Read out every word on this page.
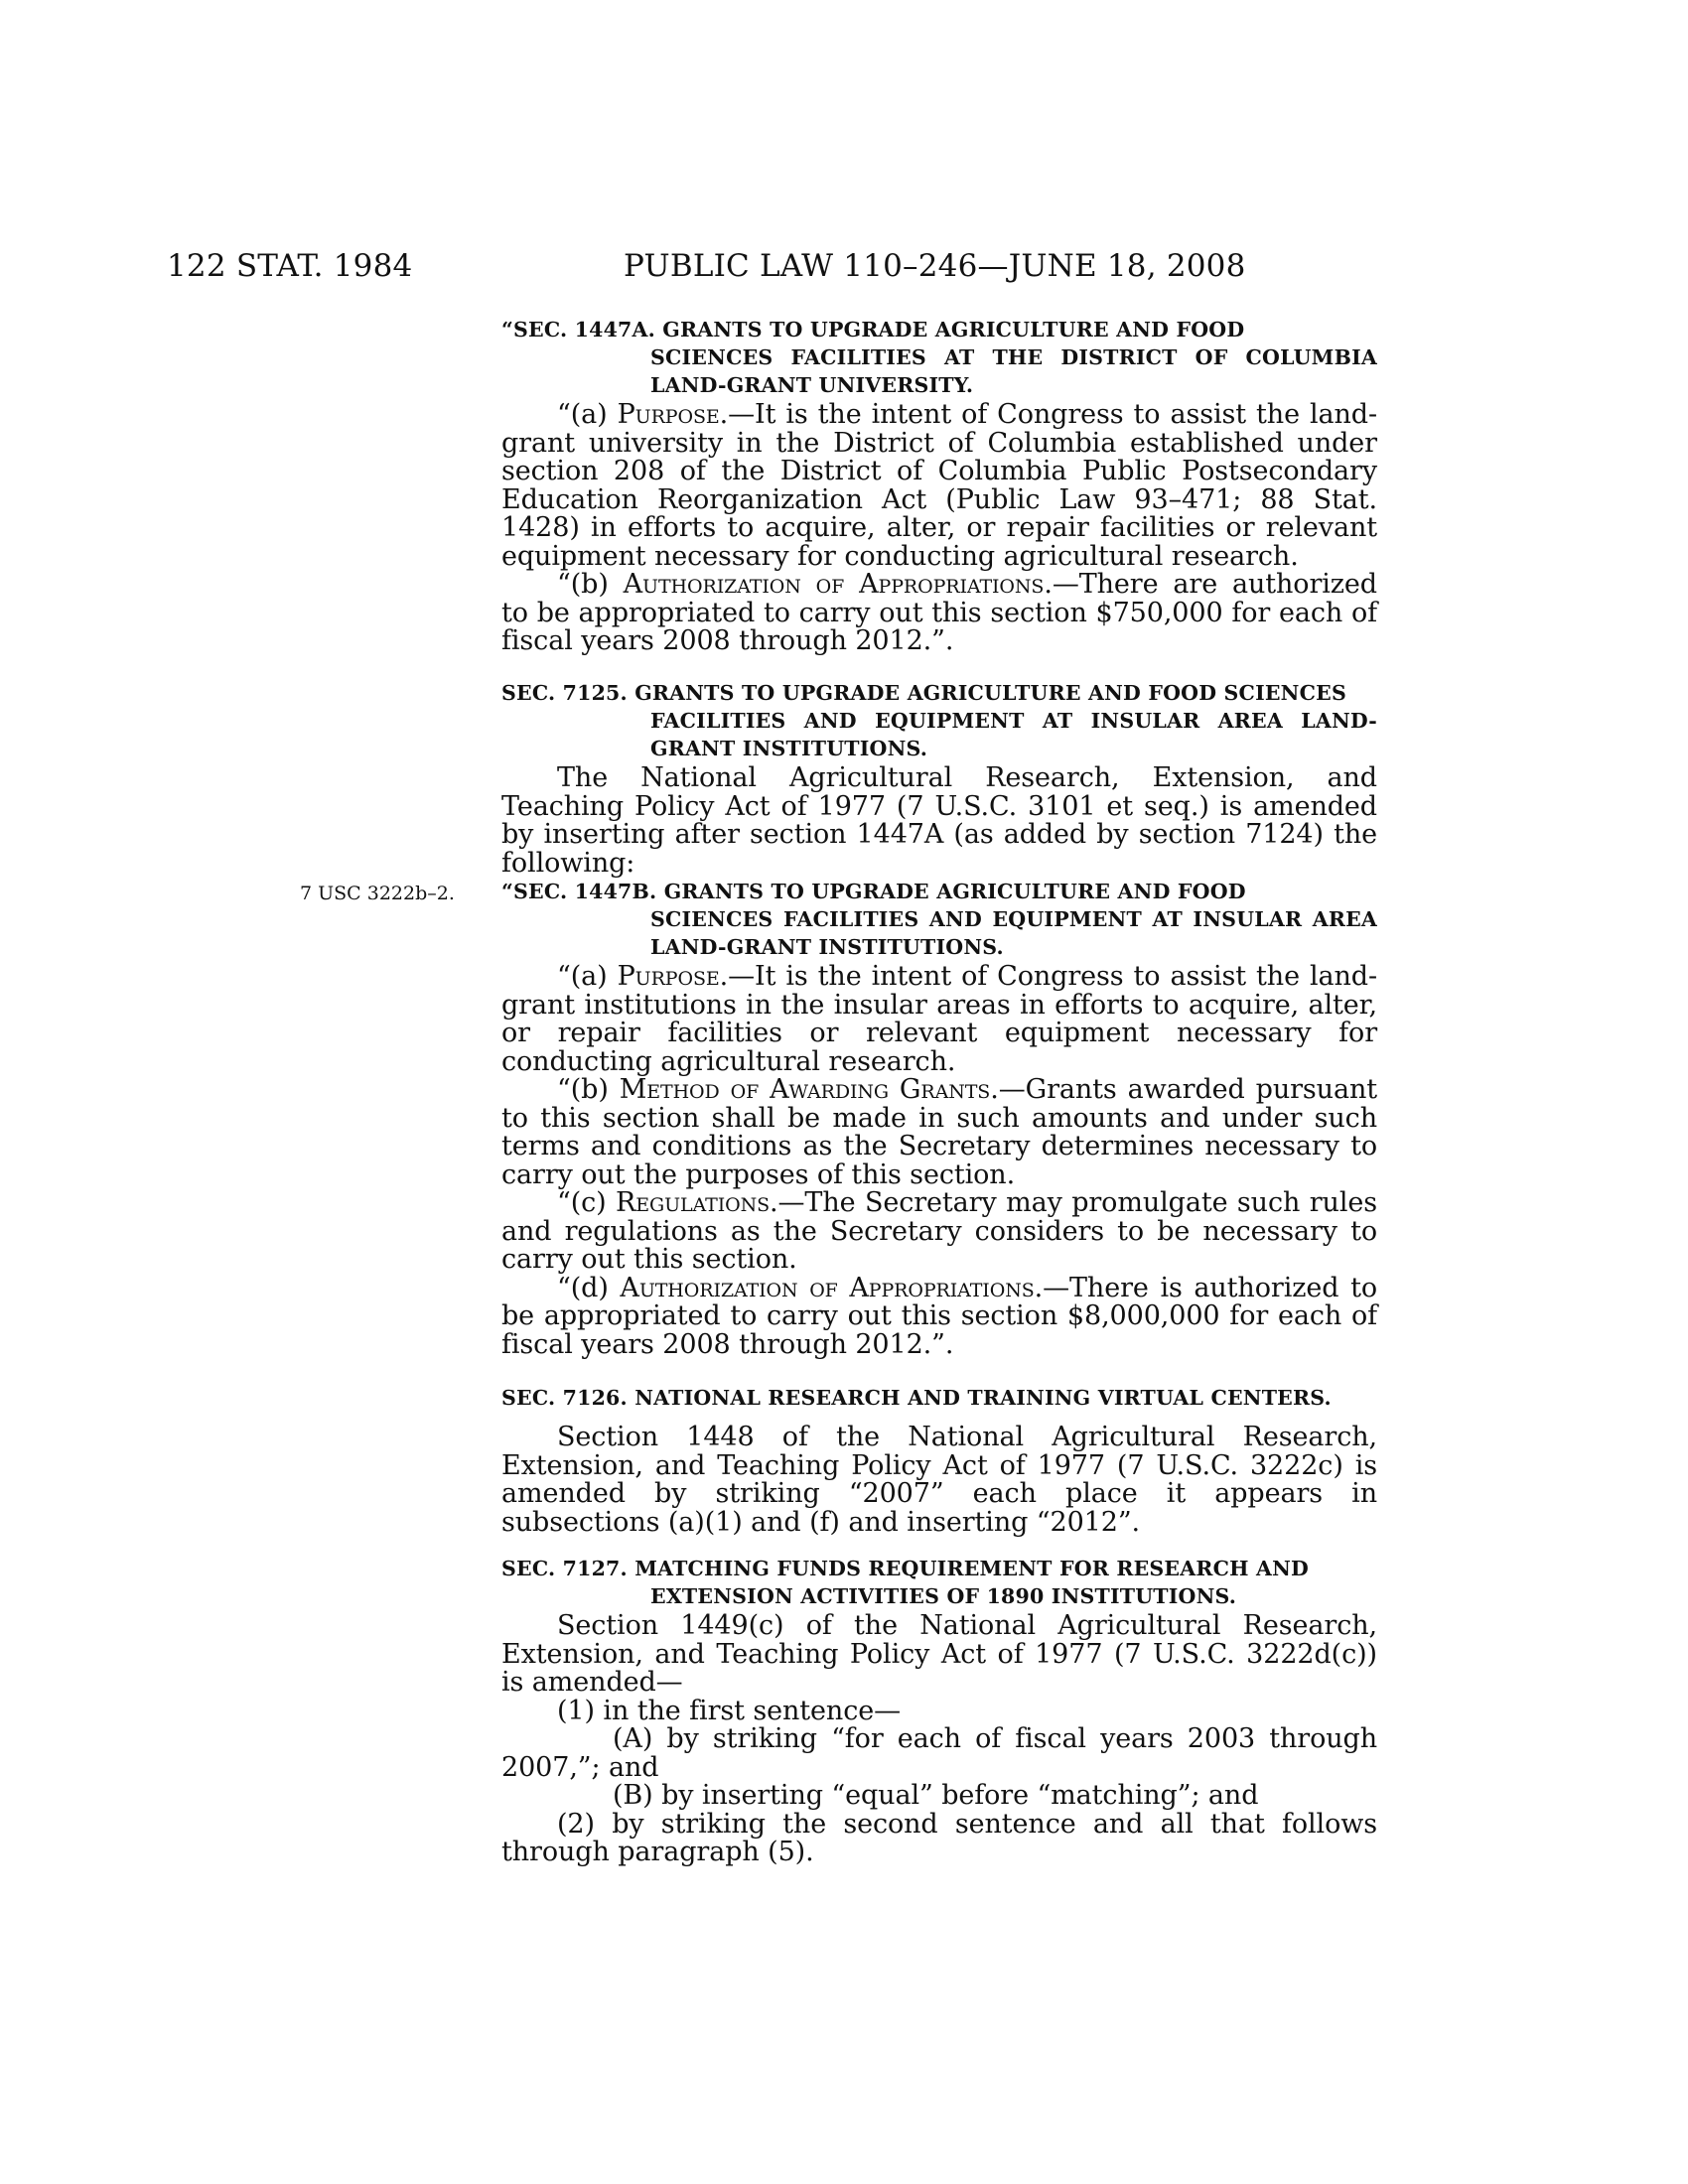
122 STAT. 1984	PUBLIC LAW 110–246—JUNE 18, 2008
“SEC. 1447A. GRANTS TO UPGRADE AGRICULTURE AND FOOD
SCIENCES FACILITIES AT THE DISTRICT OF COLUMBIA LAND-GRANT UNIVERSITY.

“(a) Purpose.—It is the intent of Congress to assist the land-grant university in the District of Columbia established under section 208 of the District of Columbia Public Postsecondary Education Reorganization Act (Public Law 93–471; 88 Stat. 1428) in efforts to acquire, alter, or repair facilities or relevant equipment necessary for conducting agricultural research.

“(b) Authorization of Appropriations.—There are authorized to be appropriated to carry out this section $750,000 for each of fiscal years 2008 through 2012.”.

SEC. 7125. GRANTS TO UPGRADE AGRICULTURE AND FOOD SCIENCES
FACILITIES AND EQUIPMENT AT INSULAR AREA LAND-GRANT INSTITUTIONS.

The National Agricultural Research, Extension, and Teaching Policy Act of 1977 (7 U.S.C. 3101 et seq.) is amended by inserting after section 1447A (as added by section 7124) the following:

7 USC 3222b–2. “SEC. 1447B. GRANTS TO UPGRADE AGRICULTURE AND FOOD
SCIENCES FACILITIES AND EQUIPMENT AT INSULAR AREA LAND-GRANT INSTITUTIONS.

“(a) Purpose.—It is the intent of Congress to assist the land-grant institutions in the insular areas in efforts to acquire, alter, or repair facilities or relevant equipment necessary for conducting agricultural research.

“(b) Method of Awarding Grants.—Grants awarded pursuant to this section shall be made in such amounts and under such terms and conditions as the Secretary determines necessary to carry out the purposes of this section.

“(c) Regulations.—The Secretary may promulgate such rules and regulations as the Secretary considers to be necessary to carry out this section.

“(d) Authorization of Appropriations.—There is authorized to be appropriated to carry out this section $8,000,000 for each of fiscal years 2008 through 2012.”.

SEC. 7126. NATIONAL RESEARCH AND TRAINING VIRTUAL CENTERS.

Section 1448 of the National Agricultural Research, Extension, and Teaching Policy Act of 1977 (7 U.S.C. 3222c) is amended by striking “2007” each place it appears in subsections (a)(1) and (f) and inserting “2012”.

SEC. 7127. MATCHING FUNDS REQUIREMENT FOR RESEARCH AND
EXTENSION ACTIVITIES OF 1890 INSTITUTIONS.

Section 1449(c) of the National Agricultural Research, Extension, and Teaching Policy Act of 1977 (7 U.S.C. 3222d(c)) is amended—

(1) in the first sentence—

(A) by striking “for each of fiscal years 2003 through 2007,”; and

(B) by inserting “equal” before “matching”; and

(2) by striking the second sentence and all that follows through paragraph (5).
